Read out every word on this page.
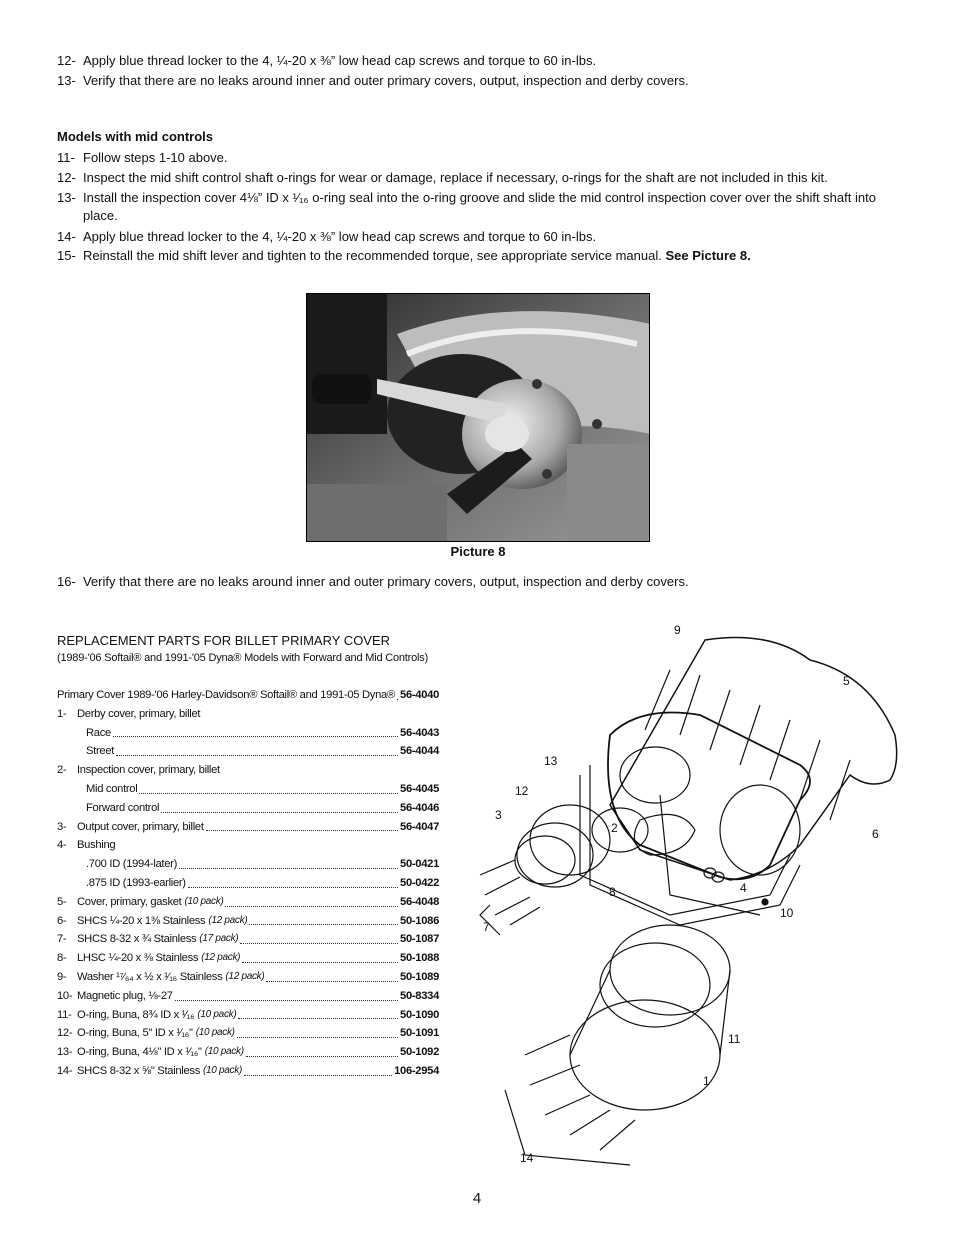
12- Apply blue thread locker to the 4, ¼-20 x ⅜” low head cap screws and torque to 60 in-lbs.
13- Verify that there are no leaks around inner and outer primary covers, output, inspection and derby covers.
Models with mid controls
11- Follow steps 1-10 above.
12- Inspect the mid shift control shaft o-rings for wear or damage, replace if necessary, o-rings for the shaft are not included in this kit.
13- Install the inspection cover 4⅛” ID x ¹⁄₁₆ o-ring seal into the o-ring groove and slide the mid control inspection cover over the shift shaft into place.
14- Apply blue thread locker to the 4, ¼-20 x ⅜” low head cap screws and torque to 60 in-lbs.
15- Reinstall the mid shift lever and tighten to the recommended torque, see appropriate service manual. See Picture 8.
Picture 8
16- Verify that there are no leaks around inner and outer primary covers, output, inspection and derby covers.
REPLACEMENT PARTS FOR BILLET PRIMARY COVER
(1989-'06 Softail® and 1991-'05 Dyna® Models with Forward and Mid Controls)
Primary Cover 1989-'06 Harley-Davidson® Softail® and 1991-05 Dyna® 56-4040
1- Derby cover, primary, billet
Race	56-4043
Street	56-4044
2- Inspection cover, primary, billet
Mid control	56-4045
Forward control	56-4046
3- Output cover, primary, billet	56-4047
4- Bushing
.700 ID (1994-later)	50-0421
.875 ID (1993-earlier)	50-0422
5- Cover, primary, gasket (10 pack)	56-4048
6- SHCS ¼-20 x 1⅜ Stainless (12 pack)	50-1086
7- SHCS 8-32 x ¾ Stainless (17 pack)	50-1087
8- LHSC ¼-20 x ⅜ Stainless (12 pack)	50-1088
9- Washer ¹⁷⁄₆₄ x ½ x ¹⁄₁₆ Stainless (12 pack)	50-1089
10- Magnetic plug, ⅛-27	50-8334
11- O-ring, Buna, 8¾ ID x ¹⁄₁₆ (10 pack)	50-1090
12- O-ring, Buna, 5" ID x ¹⁄₁₆" (10 pack)	50-1091
13- O-ring, Buna, 4⅛" ID x ¹⁄₁₆" (10 pack)	50-1092
14- SHCS 8-32 x ⅝" Stainless (10 pack)	106-2954
9
5
13
12
3
6
2
8	4
10
7
11
1
14
4
